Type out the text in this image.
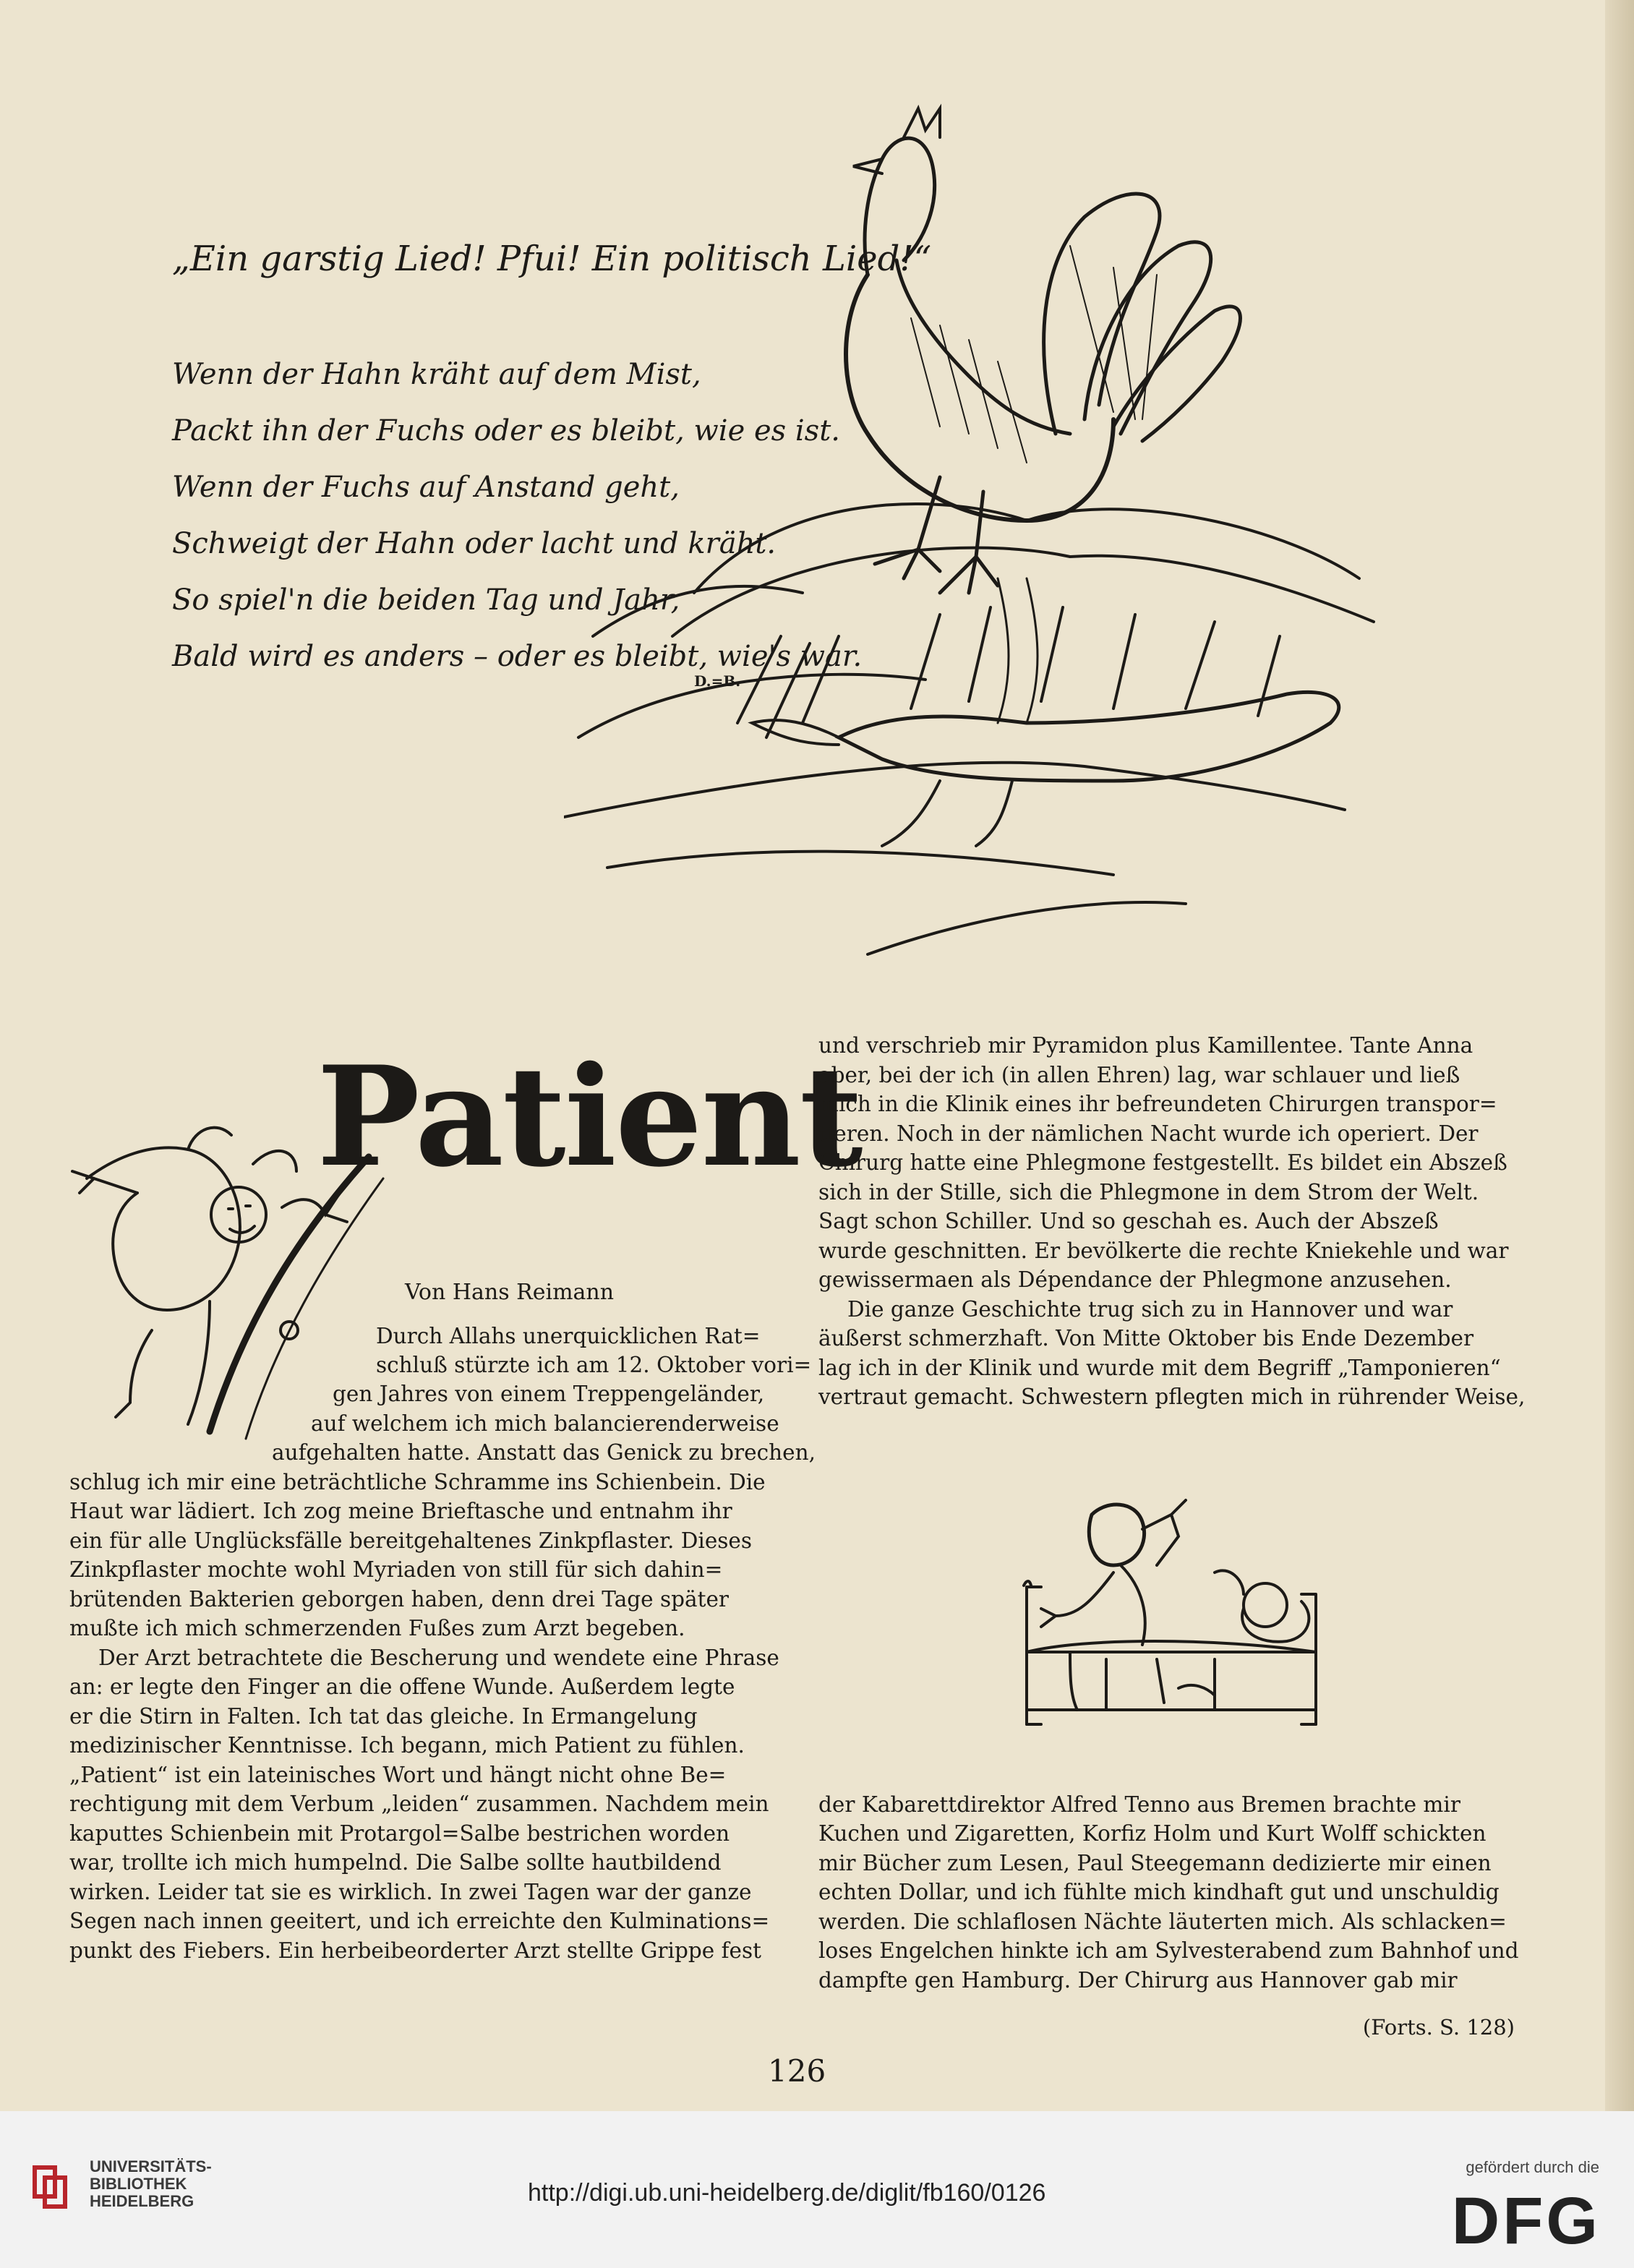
„Ein garstig Lied! Pfui! Ein politisch Lied!“
Wenn der Hahn kräht auf dem Mist,
Packt ihn der Fuchs oder es bleibt, wie es ist.
Wenn der Fuchs auf Anstand geht,
Schweigt der Hahn oder lacht und kräht.
So spiel'n die beiden Tag und Jahr,
Bald wird es anders – oder es bleibt, wie's war.
D.=B.
Patient
Von Hans Reimann
Durch Allahs unerquicklichen Rat=
schluß stürzte ich am 12. Oktober vori=
gen Jahres von einem Treppengeländer,
auf welchem ich mich balancierenderweise
aufgehalten hatte. Anstatt das Genick zu brechen,
schlug ich mir eine beträchtliche Schramme ins Schienbein. Die
Haut war lädiert. Ich zog meine Brieftasche und entnahm ihr
ein für alle Unglücksfälle bereitgehaltenes Zinkpflaster. Dieses
Zinkpflaster mochte wohl Myriaden von still für sich dahin=
brütenden Bakterien geborgen haben, denn drei Tage später
mußte ich mich schmerzenden Fußes zum Arzt begeben.
Der Arzt betrachtete die Bescherung und wendete eine Phrase
an: er legte den Finger an die offene Wunde. Außerdem legte
er die Stirn in Falten. Ich tat das gleiche. In Ermangelung
medizinischer Kenntnisse. Ich begann, mich Patient zu fühlen.
„Patient“ ist ein lateinisches Wort und hängt nicht ohne Be=
rechtigung mit dem Verbum „leiden“ zusammen. Nachdem mein
kaputtes Schienbein mit Protargol=Salbe bestrichen worden
war, trollte ich mich humpelnd. Die Salbe sollte hautbildend
wirken. Leider tat sie es wirklich. In zwei Tagen war der ganze
Segen nach innen geeitert, und ich erreichte den Kulminations=
punkt des Fiebers. Ein herbeibeorderter Arzt stellte Grippe fest
und verschrieb mir Pyramidon plus Kamillentee. Tante Anna
aber, bei der ich (in allen Ehren) lag, war schlauer und ließ
mich in die Klinik eines ihr befreundeten Chirurgen transpor=
tieren. Noch in der nämlichen Nacht wurde ich operiert. Der
Chirurg hatte eine Phlegmone festgestellt. Es bildet ein Abszeß
sich in der Stille, sich die Phlegmone in dem Strom der Welt.
Sagt schon Schiller. Und so geschah es. Auch der Abszeß
wurde geschnitten. Er bevölkerte die rechte Kniekehle und war
gewissermaen als Dépendance der Phlegmone anzusehen.
Die ganze Geschichte trug sich zu in Hannover und war
äußerst schmerzhaft. Von Mitte Oktober bis Ende Dezember
lag ich in der Klinik und wurde mit dem Begriff „Tamponieren“
vertraut gemacht. Schwestern pflegten mich in rührender Weise,
der Kabarettdirektor Alfred Tenno aus Bremen brachte mir
Kuchen und Zigaretten, Korfiz Holm und Kurt Wolff schickten
mir Bücher zum Lesen, Paul Steegemann dedizierte mir einen
echten Dollar, und ich fühlte mich kindhaft gut und unschuldig
werden. Die schlaflosen Nächte läuterten mich. Als schlacken=
loses Engelchen hinkte ich am Sylvesterabend zum Bahnhof und
dampfte gen Hamburg. Der Chirurg aus Hannover gab mir
(Forts. S. 128)
126
UNIVERSITÄTS-
BIBLIOTHEK
HEIDELBERG	http://digi.ub.uni-heidelberg.de/diglit/fb160/0126
gefördert durch die
DFG
